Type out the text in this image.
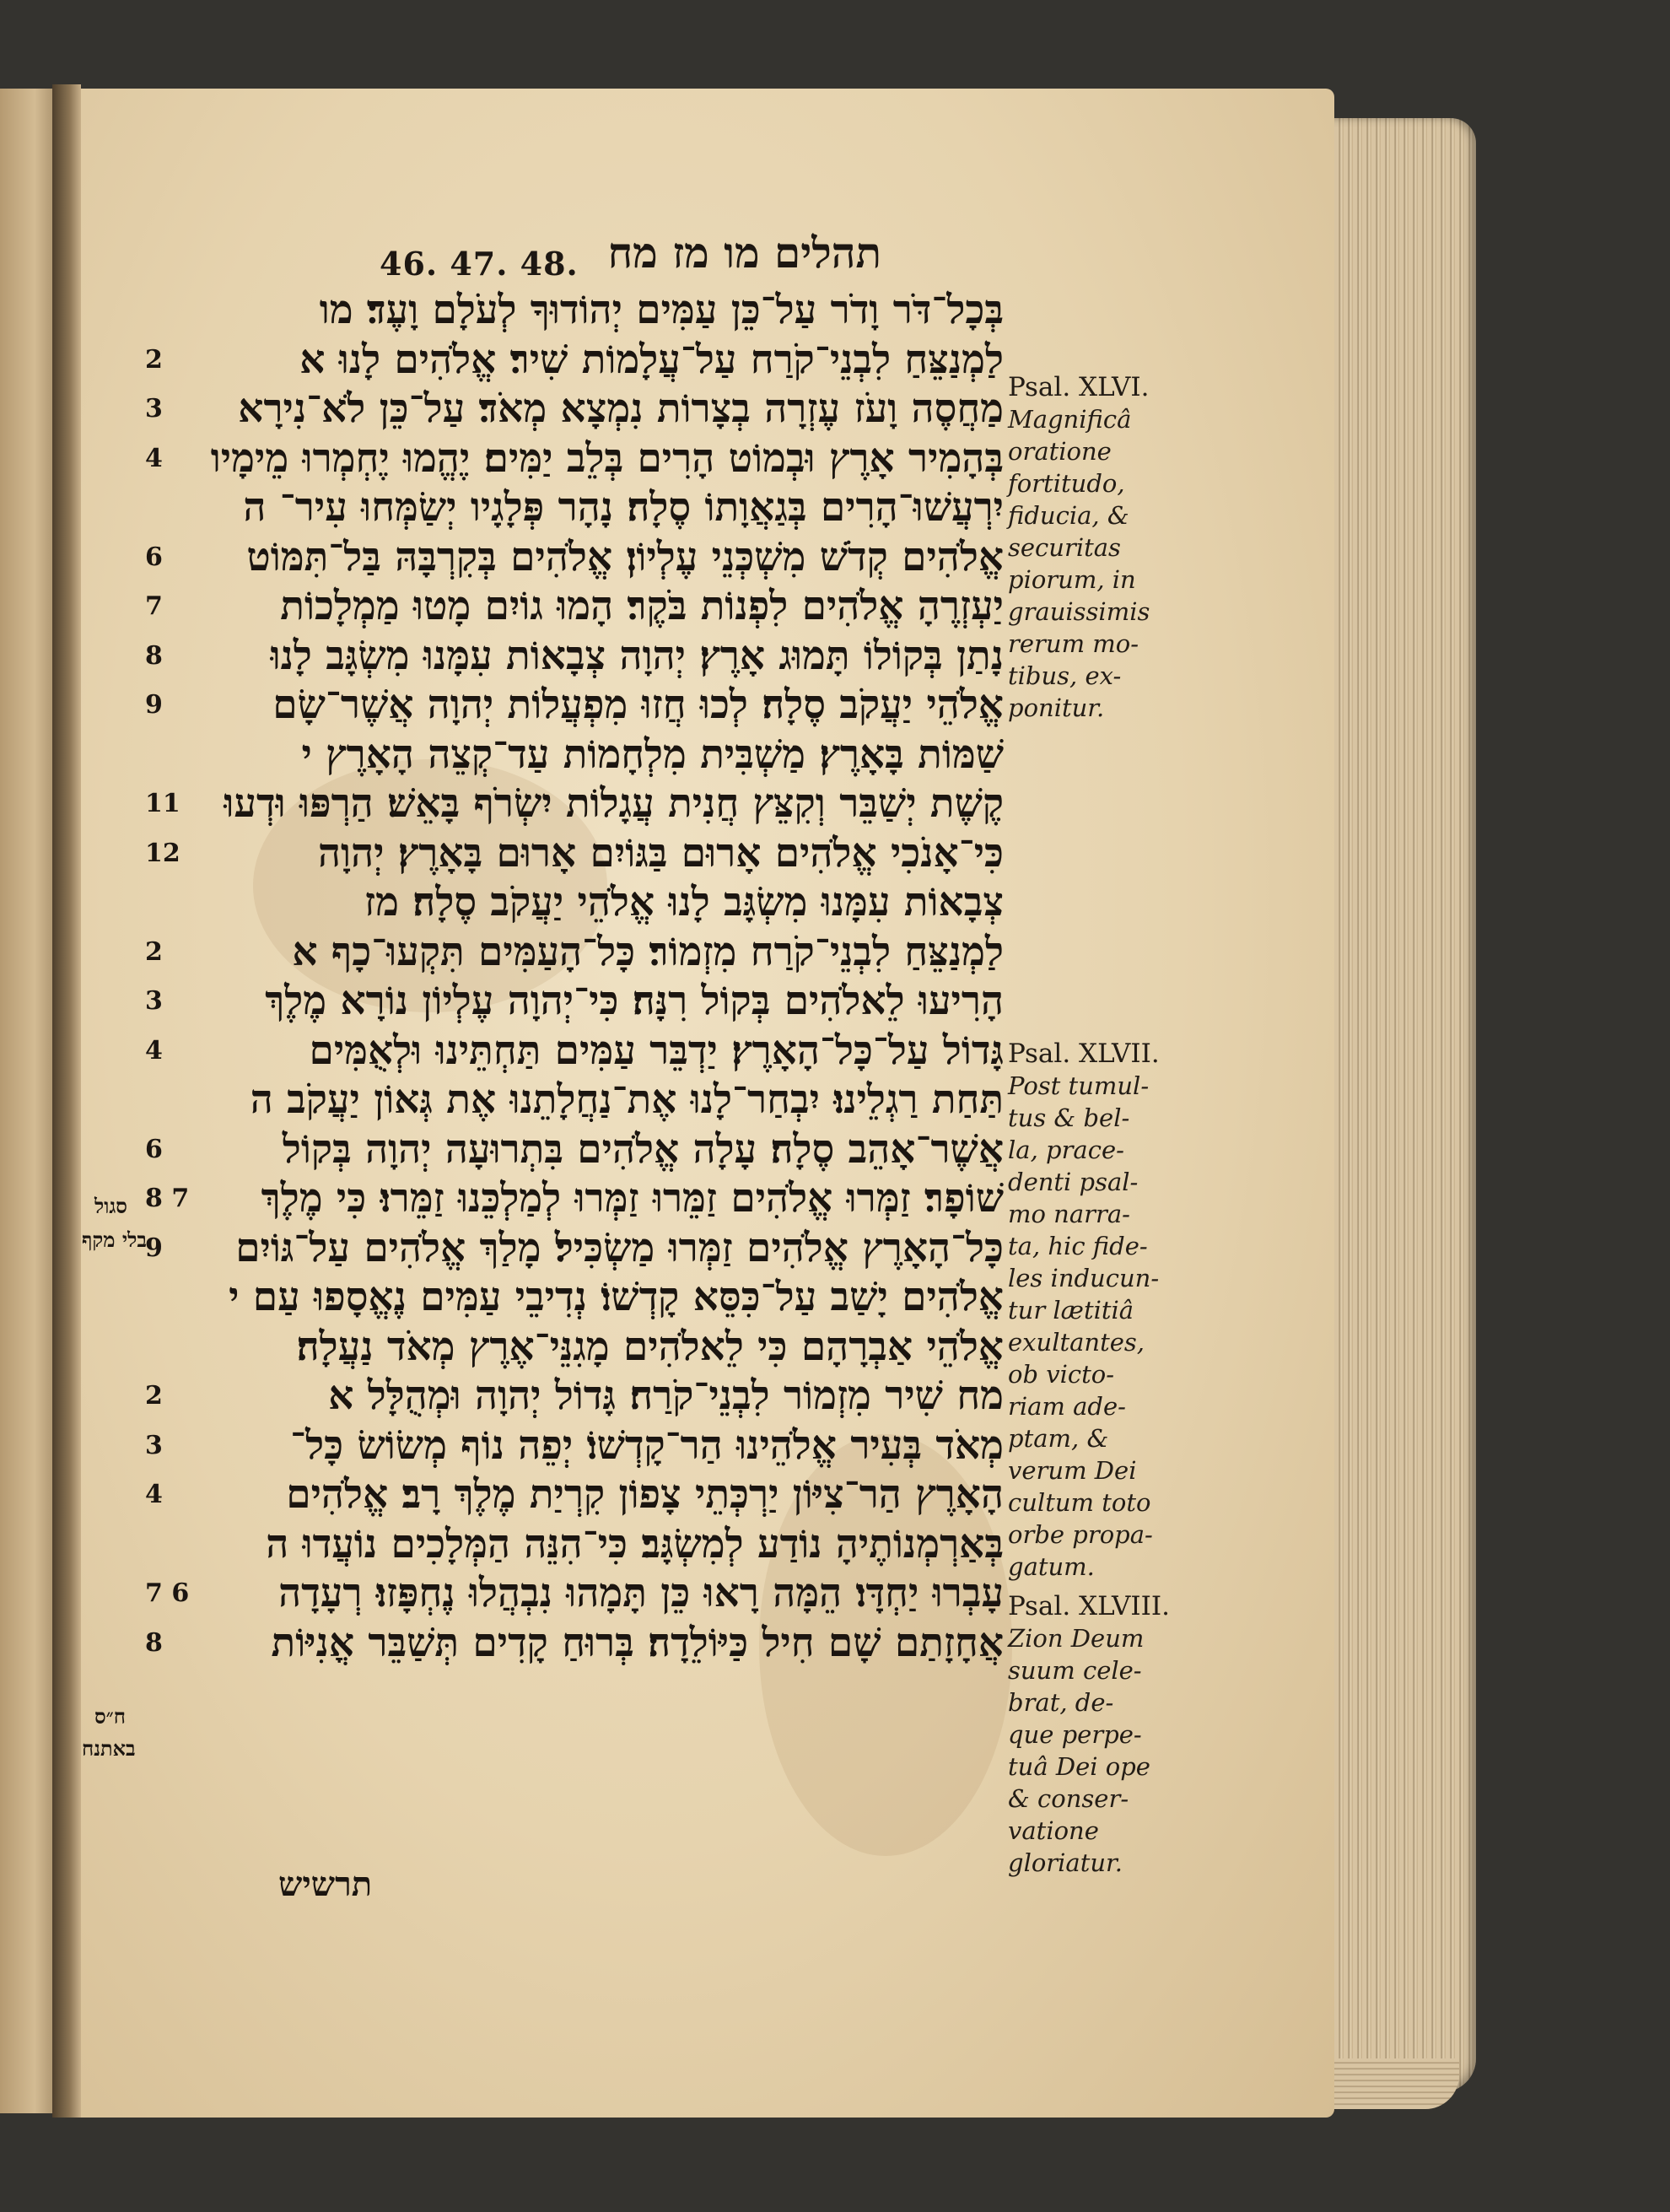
46. 47. 48. תהלים מו מז מח
בְּכָל־דֹּר וָדֹר עַל־כֵּן עַמִּים יְהוֹדוּךָ לְעֹלָם וָעֶד׃ מו
לַמְנַצֵּחַ לִבְנֵי־קֹרַח עַל־עֲלָמוֹת שִׁיר׃ אֱלֹהִים לָנוּ א
2
מַחֲסֶה וָעֹז עֶזְרָה בְצָרוֹת נִמְצָא מְאֹד׃ עַל־כֵּן לֹא־נִירָא
3
בְּהָמִיר אָרֶץ וּבְמוֹט הָרִים בְּלֵב יַמִּים׃ יֶהֱמוּ יֶחְמְרוּ מֵימָיו
4
יִרְעֲשׁוּ־הָרִים בְּגַאֲוָתוֹ סֶלָה׃ נָהָר פְּלָגָיו יְשַׂמְּחוּ עִיר־ ה
אֱלֹהִים קְדֹשׁ מִשְׁכְּנֵי עֶלְיוֹן׃ אֱלֹהִים בְּקִרְבָּהּ בַּל־תִּמּוֹט
6
יַעְזְרֶהָ אֱלֹהִים לִפְנוֹת בֹּקֶר׃ הָמוּ גוֹיִם מָטוּ מַמְלָכוֹת
7
נָתַן בְּקוֹלוֹ תָּמוּג אָרֶץ׃ יְהוָה צְבָאוֹת עִמָּנוּ מִשְׂגָּב לָנוּ
8
אֱלֹהֵי יַעֲקֹב סֶלָה׃ לְכוּ חֲזוּ מִפְעֲלוֹת יְהוָה אֲשֶׁר־שָׂם
9
שַׁמּוֹת בָּאָרֶץ׃ מַשְׁבִּית מִלְחָמוֹת עַד־קְצֵה הָאָרֶץ י
קֶשֶׁת יְשַׁבֵּר וְקִצֵּץ חֲנִית עֲגָלוֹת יִשְׂרֹף בָּאֵשׁ׃ הַרְפּוּ וּדְעוּ
11
כִּי־אָנֹכִי אֱלֹהִים אָרוּם בַּגּוֹיִם אָרוּם בָּאָרֶץ׃ יְהוָה
12
צְבָאוֹת עִמָּנוּ מִשְׂגָּב לָנוּ אֱלֹהֵי יַעֲקֹב סֶלָה׃ מז
לַמְנַצֵּחַ לִבְנֵי־קֹרַח מִזְמוֹר׃ כָּל־הָעַמִּים תִּקְעוּ־כָף א
2
הָרִיעוּ לֵאלֹהִים בְּקוֹל רִנָּה׃ כִּי־יְהוָה עֶלְיוֹן נוֹרָא מֶלֶךְ
3
גָּדוֹל עַל־כָּל־הָאָרֶץ׃ יַדְבֵּר עַמִּים תַּחְתֵּינוּ וּלְאֻמִּים
4
תַּחַת רַגְלֵינוּ׃ יִבְחַר־לָנוּ אֶת־נַחֲלָתֵנוּ אֶת גְּאוֹן יַעֲקֹב ה
אֲשֶׁר־אָהֵב סֶלָה׃ עָלָה אֱלֹהִים בִּתְרוּעָה יְהוָה בְּקוֹל
6
שׁוֹפָר׃ זַמְּרוּ אֱלֹהִים זַמֵּרוּ זַמְּרוּ לְמַלְכֵּנוּ זַמֵּרוּ׃ כִּי מֶלֶךְ
8 7
כָּל־הָאָרֶץ אֱלֹהִים זַמְּרוּ מַשְׂכִּיל׃ מָלַךְ אֱלֹהִים עַל־גּוֹיִם
9
אֱלֹהִים יָשַׁב עַל־כִּסֵּא קָדְשׁוֹ׃ נְדִיבֵי עַמִּים נֶאֱסָפוּ עַם י
אֱלֹהֵי אַבְרָהָם כִּי לֵאלֹהִים מָגִנֵּי־אֶרֶץ מְאֹד נַעֲלָה׃
מח שִׁיר מִזְמוֹר לִבְנֵי־קֹרַח׃ גָּדוֹל יְהוָה וּמְהֻלָּל א
2
מְאֹד בְּעִיר אֱלֹהֵינוּ הַר־קָדְשׁוֹ׃ יְפֵה נוֹף מְשׂוֹשׂ כָּל־
3
הָאָרֶץ הַר־צִיּוֹן יַרְכְּתֵי צָפוֹן קִרְיַת מֶלֶךְ רָב׃ אֱלֹהִים
4
בְּאַרְמְנוֹתֶיהָ נוֹדַע לְמִשְׂגָּב׃ כִּי־הִנֵּה הַמְּלָכִים נוֹעֲדוּ ה
עָבְרוּ יַחְדָּו׃ הֵמָּה רָאוּ כֵּן תָּמָהוּ נִבְהֲלוּ נֶחְפָּזוּ׃ רְעָדָה
7 6
אֲחָזָתַם שָׁם חִיל כַּיּוֹלֵדָה׃ בְּרוּחַ קָדִים תְּשַׁבֵּר אֳנִיּוֹת
8
סגול
בלי מקף
ח״ס
באתנח
Psal. XLVI.
Magnificâ
oratione
fortitudo,
fiducia, &
securitas
piorum, in
grauissimis
rerum mo-
tibus, ex-
ponitur.
Psal. XLVII.
Post tumul-
tus & bel-
la, prace-
denti psal-
mo narra-
ta, hic fide-
les inducun-
tur lætitiâ
exultantes,
ob victo-
riam ade-
ptam, &
verum Dei
cultum toto
orbe propa-
gatum.
Psal. XLVIII.
Zion Deum
suum cele-
brat, de-
que perpe-
tuâ Dei ope
& conser-
vatione
gloriatur.
תרשיש
